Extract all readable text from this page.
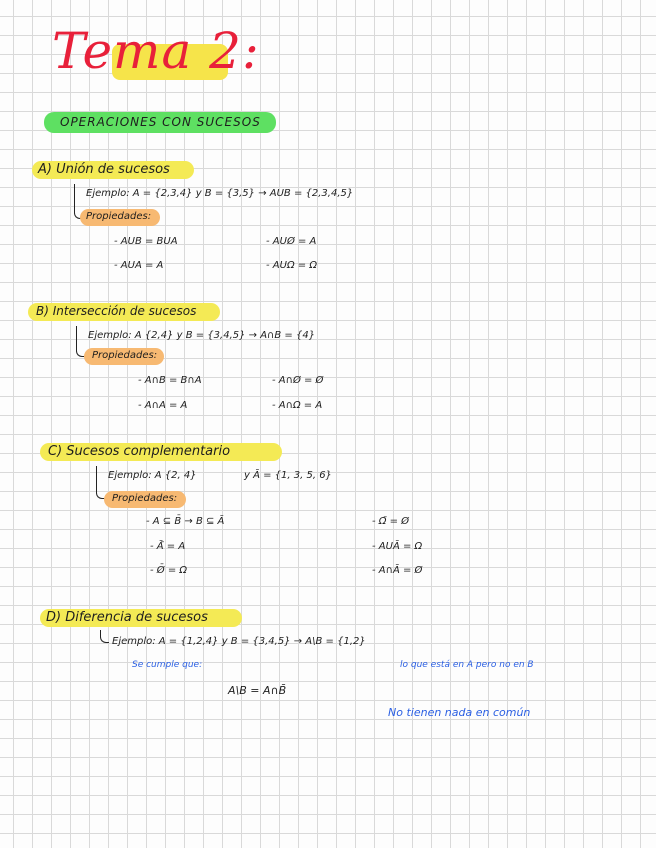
Tema 2:
OPERACIONES CON SUCESOS
A) Unión de sucesos
Ejemplo: A = {2,3,4} y B = {3,5} → AUB = {2,3,4,5}
Propiedades:
- AUB = BUA	- AUØ = A
- AUA = A	- AUΩ = Ω
B) Intersección de sucesos
Ejemplo: A {2,4} y B = {3,4,5} → A∩B = {4}
Propiedades:
- A∩B = B∩A	- A∩Ø = Ø
- A∩A = A	- A∩Ω = A
C) Sucesos complementario
Ejemplo: A {2, 4}	y Ā = {1, 3, 5, 6}
Propiedades:
- A ⊆ B̄ → B ⊆ Ā	- Ω̄ = Ø
- Ā̄ = A	- AUĀ = Ω
- Ø̄ = Ω	- A∩Ā = Ø
D) Diferencia de sucesos
Ejemplo: A = {1,2,4} y B = {3,4,5} → A\B = {1,2}
Se cumple que:	lo que está en A pero no en B
A\B = A∩B̄
No tienen nada en común
